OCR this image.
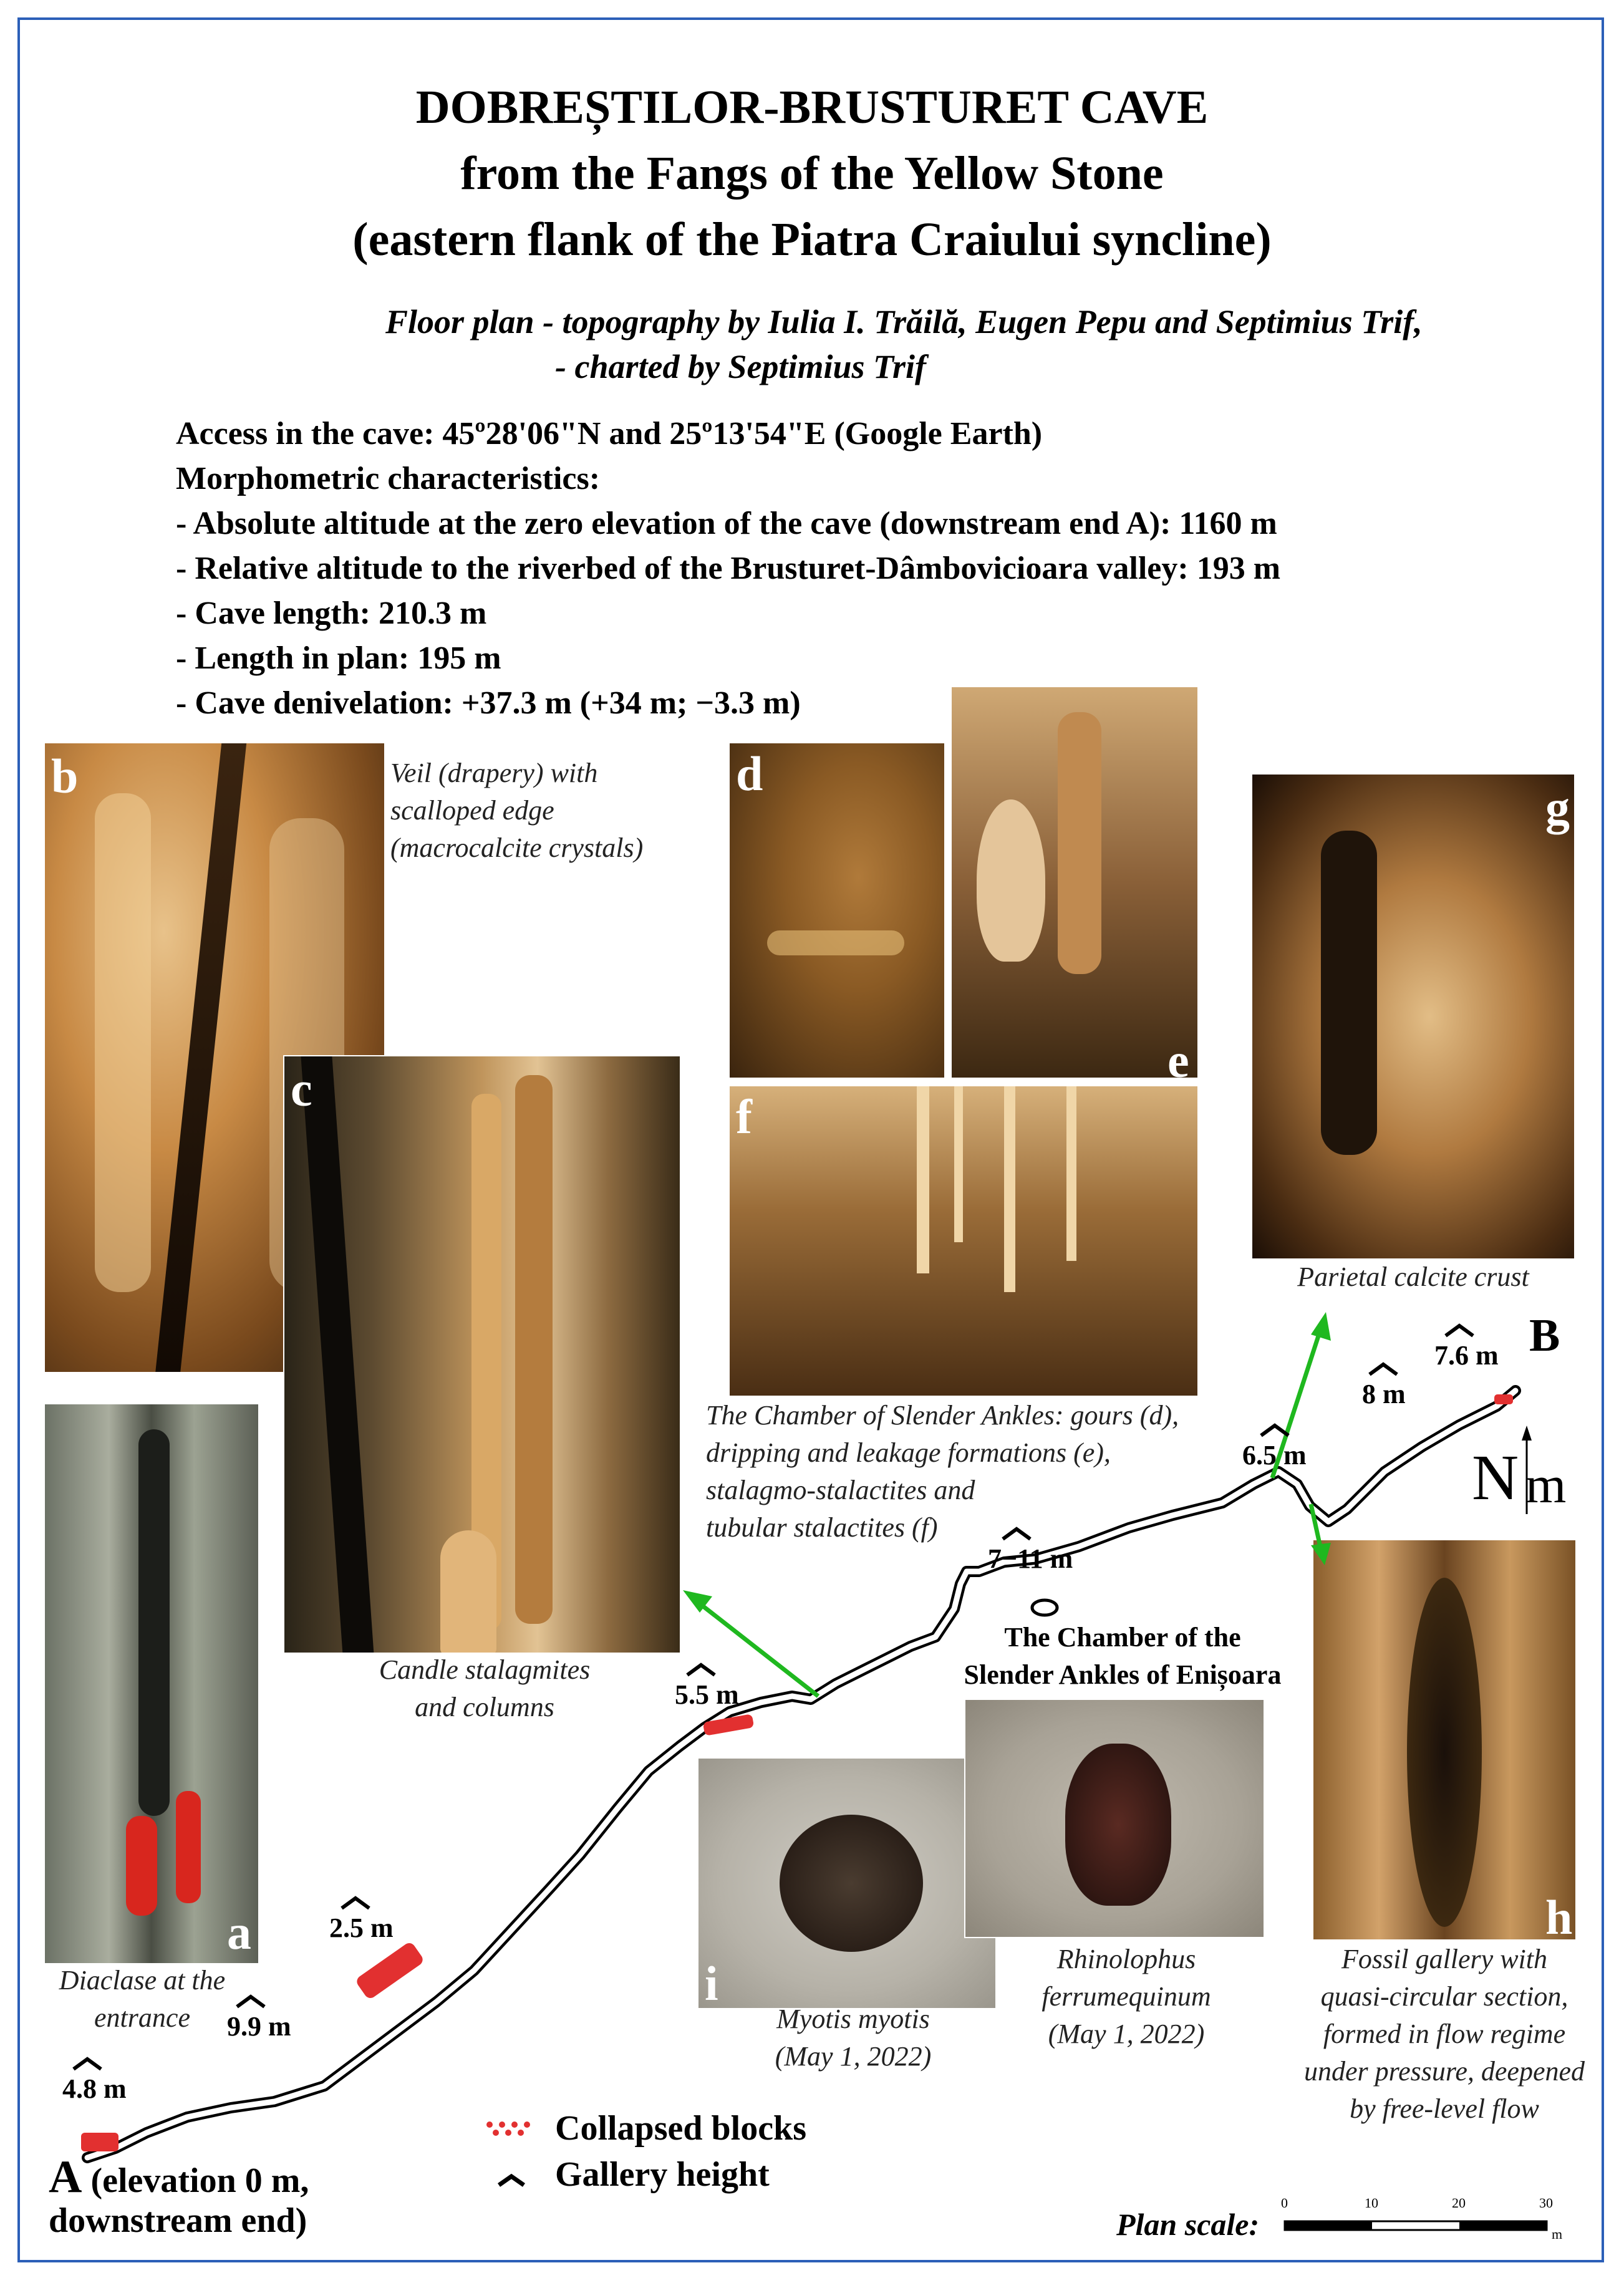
DOBREȘTILOR-BRUSTURET CAVE
from the Fangs of the Yellow Stone
(eastern flank of the Piatra Craiului syncline)
Floor plan - topography by Iulia I. Trăilă, Eugen Pepu and Septimius Trif,
- charted by Septimius Trif
Access in the cave: 45º28'06"N and 25º13'54"E (Google Earth)
Morphometric characteristics:
- Absolute altitude at the zero elevation of the cave (downstream end A): 1160 m
- Relative altitude to the riverbed of the Brusturet-Dâmbovicioara valley: 193 m
- Cave length: 210.3 m
- Length in plan: 195 m
- Cave denivelation: +37.3 m (+34 m; −3.3 m)
b
c
a
d
e
f
g
h
i
Veil (drapery) with
scalloped edge
(macrocalcite crystals)
Candle stalagmites
and columns
Diaclase at the
entrance
The Chamber of Slender Ankles: gours (d),
dripping and leakage formations (e),
stalagmo-stalactites and
tubular stalactites (f)
Parietal calcite crust
Fossil gallery with
quasi-circular section,
formed in flow regime
under pressure, deepened
by free-level flow
Myotis myotis
(May 1, 2022)
Rhinolophus
ferrumequinum
(May 1, 2022)
4.8 m
9.9 m
2.5 m
5.5 m
7−11 m
6.5 m
8 m
7.6 m
The Chamber of the
Slender Ankles of Enișoara
A (elevation 0 m,
downstream end)
B
N m
Collapsed blocks
Gallery height
Plan scale:
0	10	20	30
m
